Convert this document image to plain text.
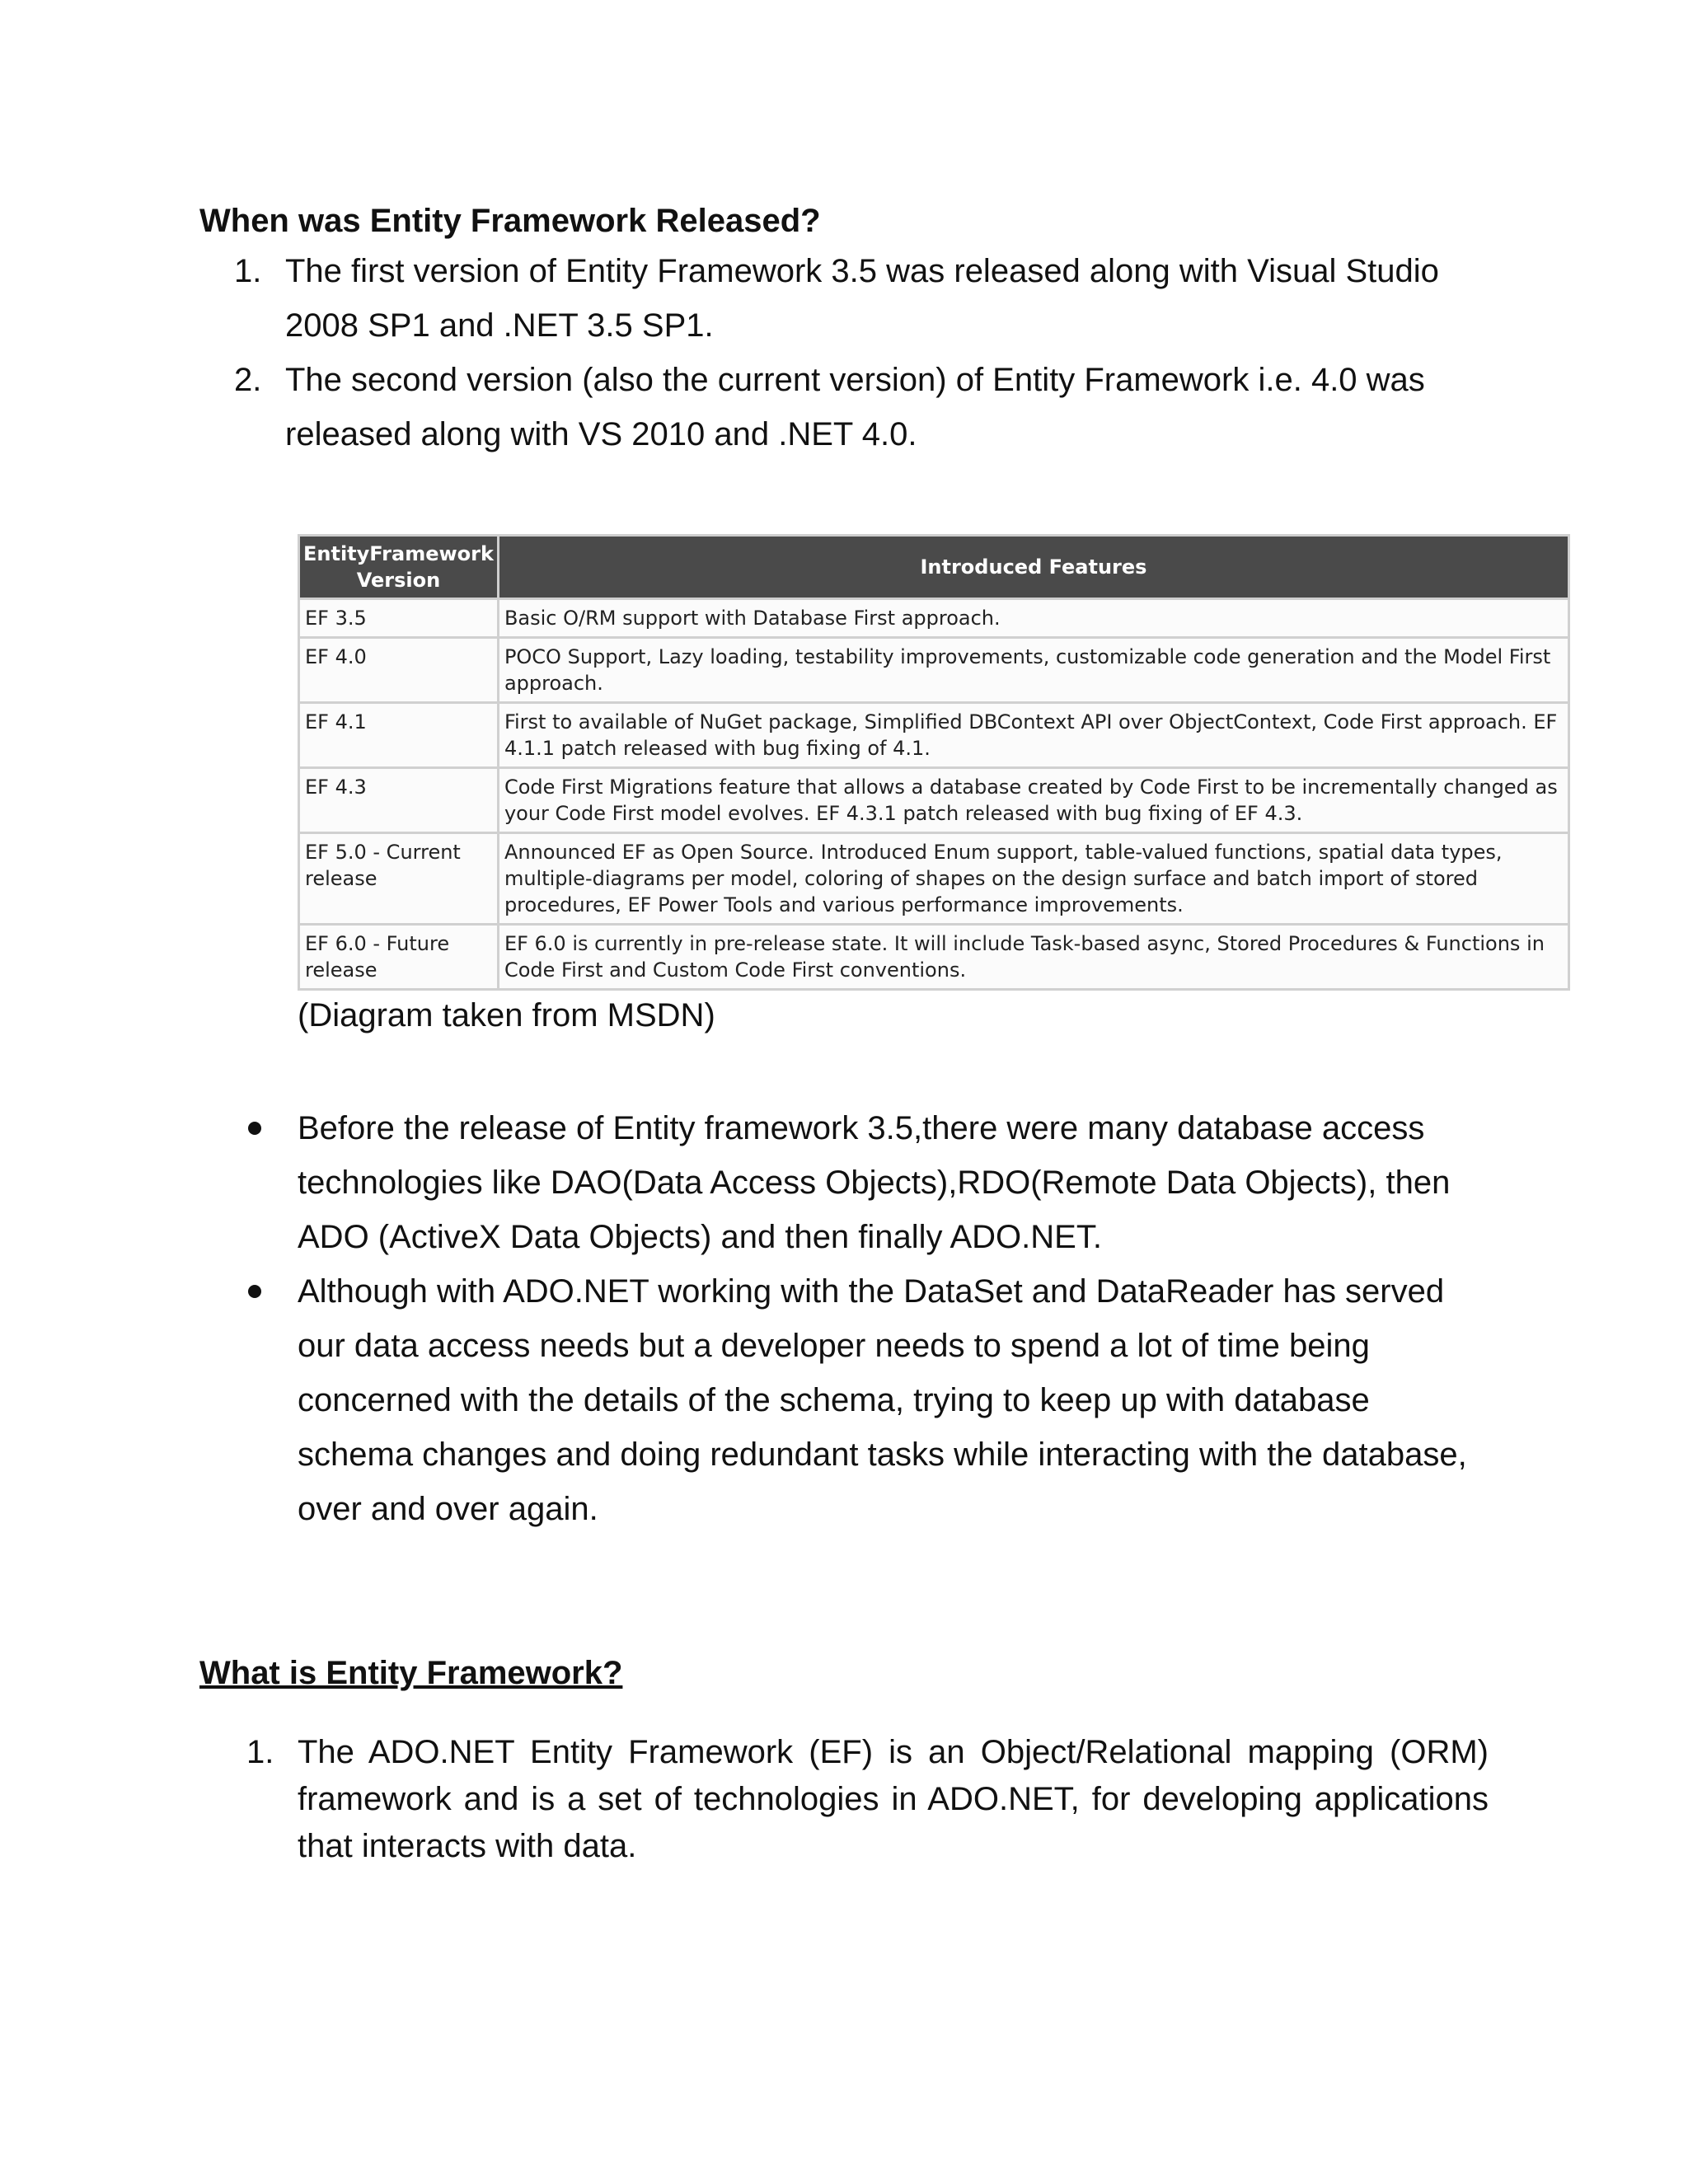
When was Entity Framework Released?
1. The first version of Entity Framework 3.5 was released along with Visual Studio 2008 SP1 and .NET 3.5 SP1.
2. The second version (also the current version) of Entity Framework i.e. 4.0 was released along with VS 2010 and .NET 4.0.
EntityFramework Version	Introduced Features
EF 3.5	Basic O/RM support with Database First approach.
EF 4.0	POCO Support, Lazy loading, testability improvements, customizable code generation and the Model First approach.
EF 4.1	First to available of NuGet package, Simplified DBContext API over ObjectContext, Code First approach. EF 4.1.1 patch released with bug fixing of 4.1.
EF 4.3	Code First Migrations feature that allows a database created by Code First to be incrementally changed as your Code First model evolves. EF 4.3.1 patch released with bug fixing of EF 4.3.
EF 5.0 - Current release	Announced EF as Open Source. Introduced Enum support, table-valued functions, spatial data types, multiple-diagrams per model, coloring of shapes on the design surface and batch import of stored procedures, EF Power Tools and various performance improvements.
EF 6.0 - Future release	EF 6.0 is currently in pre-release state. It will include Task-based async, Stored Procedures & Functions in Code First and Custom Code First conventions.

(Diagram taken from MSDN)

Before the release of Entity framework 3.5,there were many database access technologies like DAO(Data Access Objects),RDO(Remote Data Objects), then ADO (ActiveX Data Objects) and then finally ADO.NET.
Although with ADO.NET working with the DataSet and DataReader has served our data access needs but a developer needs to spend a lot of time being concerned with the details of the schema, trying to keep up with database schema changes and doing redundant tasks while interacting with the database, over and over again.
What is Entity Framework?
1. The ADO.NET Entity Framework (EF) is an Object/Relational mapping (ORM) framework and is a set of technologies in ADO.NET, for developing applications that interacts with data.
